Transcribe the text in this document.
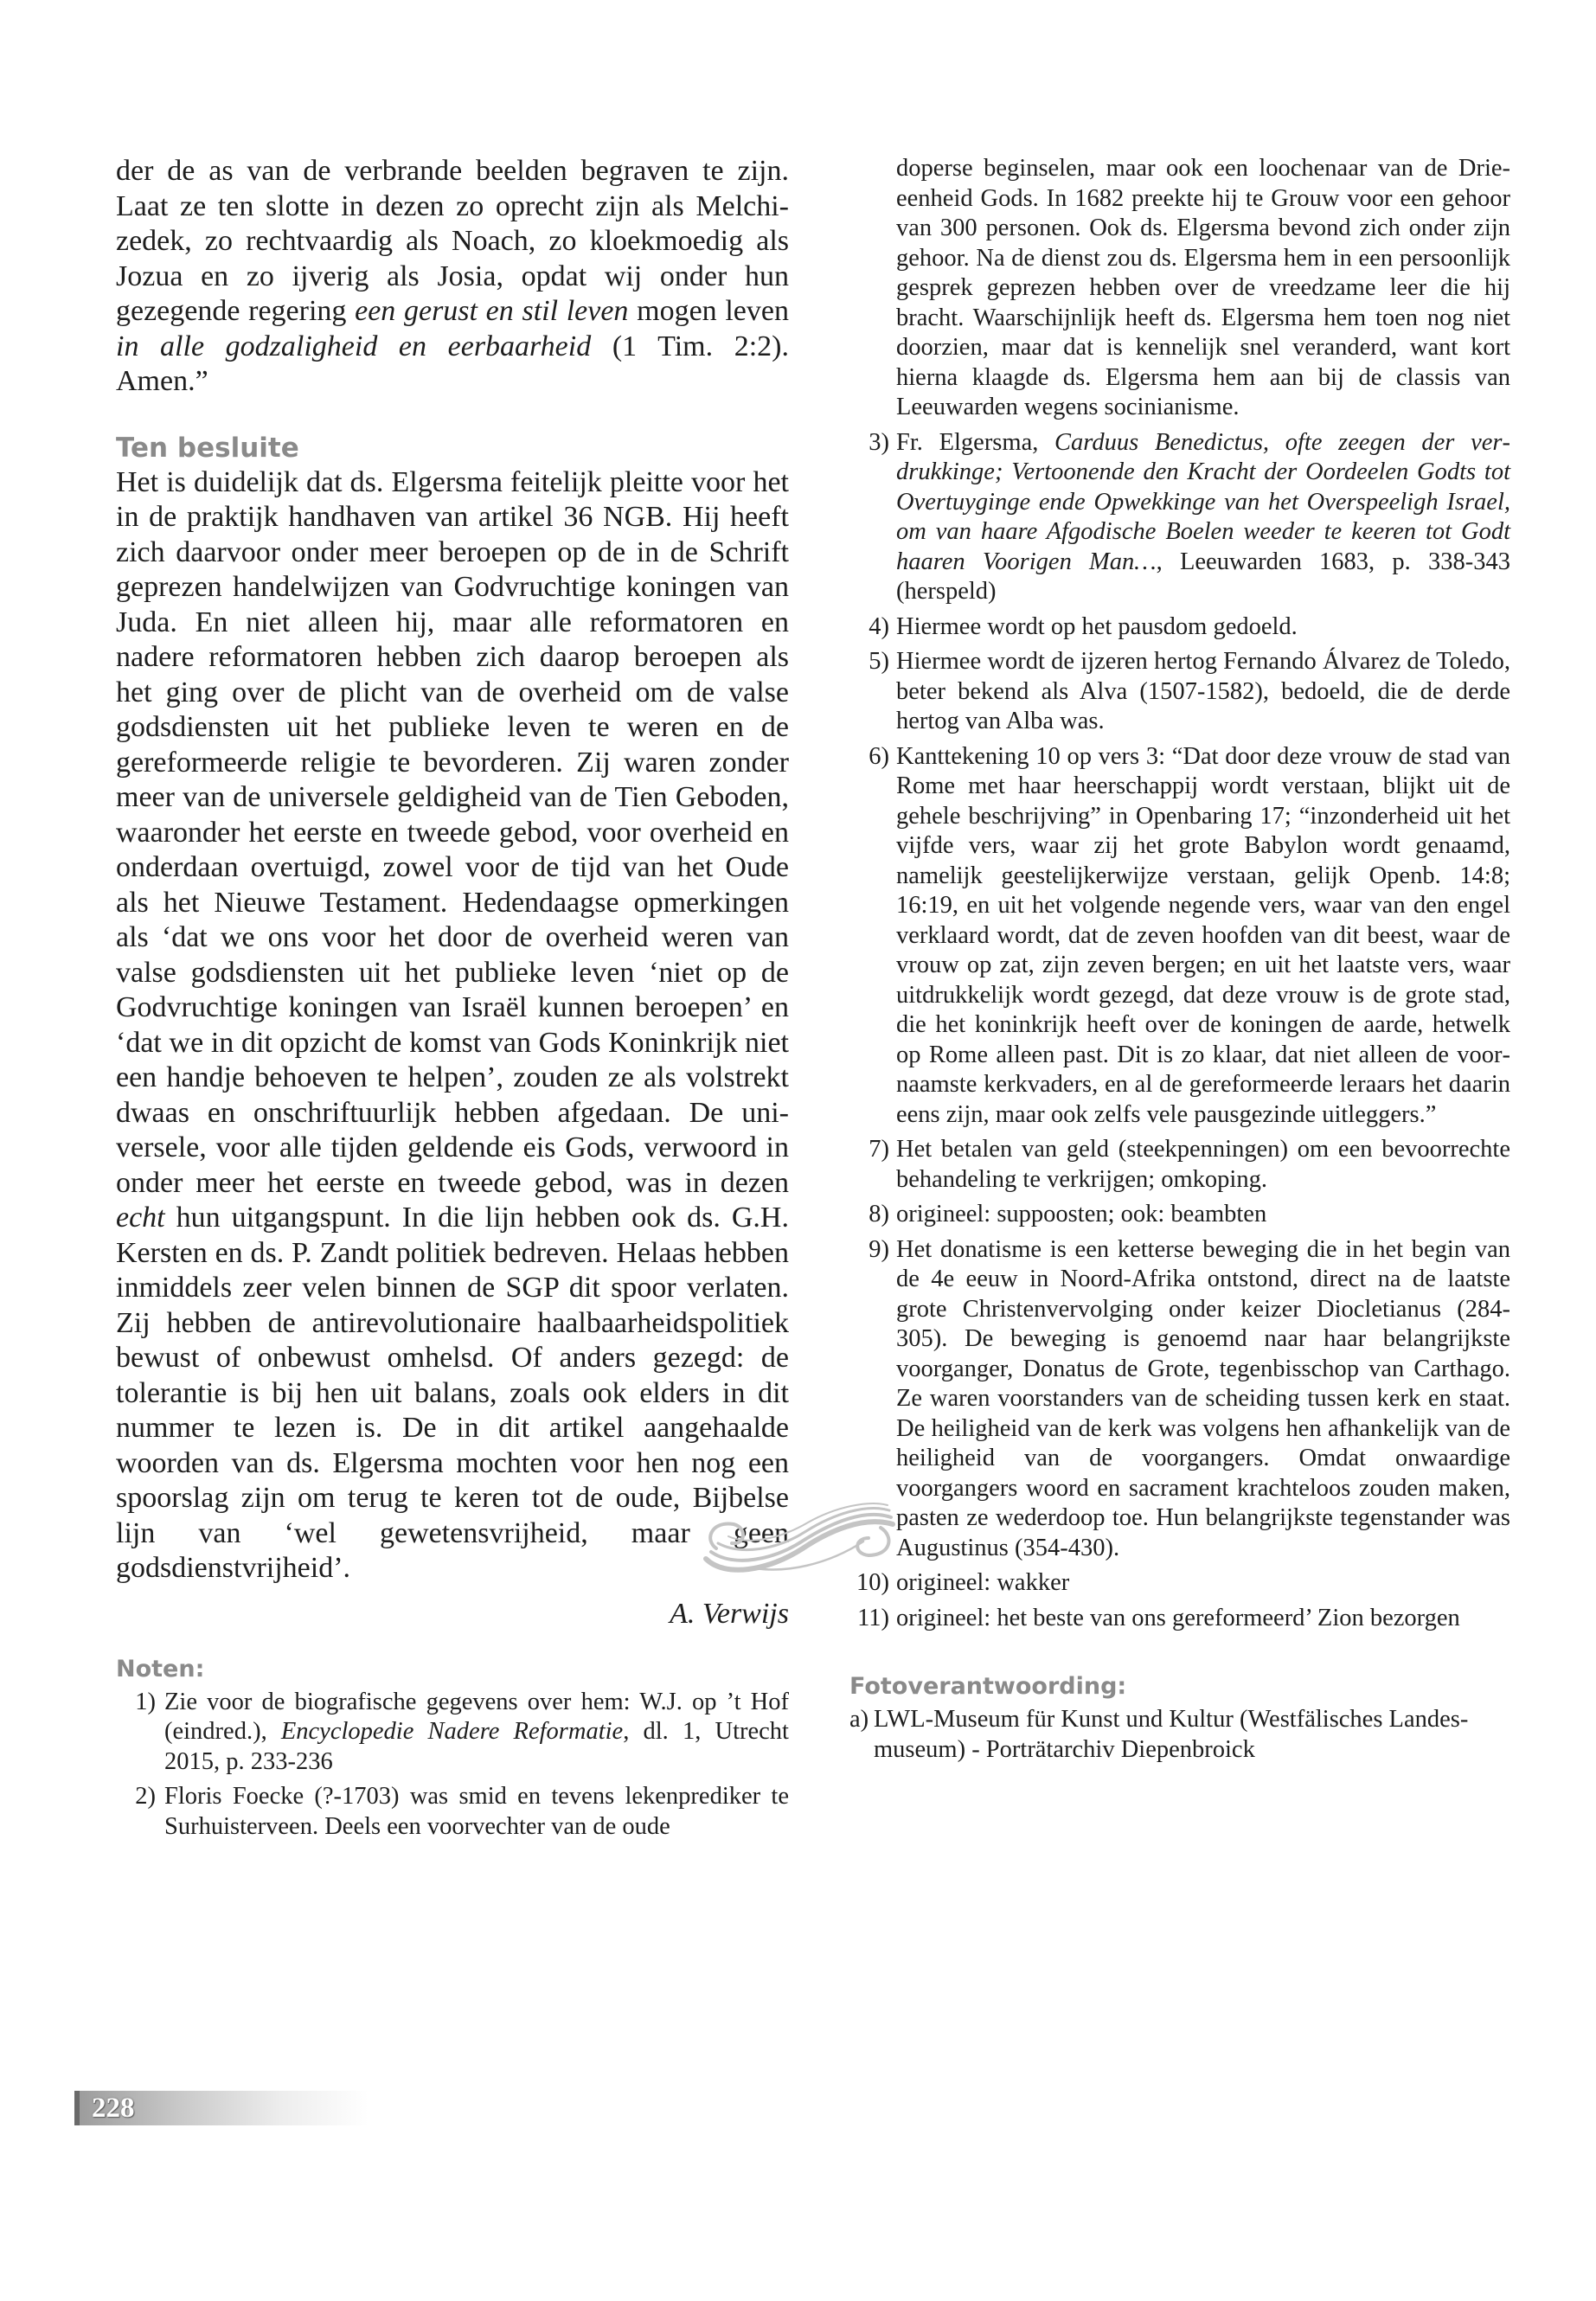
der de as van de verbrande beelden begraven te zijn. Laat ze ten slotte in dezen zo oprecht zijn als Melchizedek, zo rechtvaardig als Noach, zo kloekmoedig als Jozua en zo ijverig als Josia, opdat wij onder hun gezegende regering een gerust en stil leven mogen leven in alle godzaligheid en eerbaarheid (1 Tim. 2:2). Amen.”

Ten besluite

Het is duidelijk dat ds. Elgersma feitelijk pleitte voor het in de praktijk handhaven van artikel 36 NGB. Hij heeft zich daarvoor onder meer beroepen op de in de Schrift geprezen handelwijzen van Godvruchtige koningen van Juda. En niet alleen hij, maar alle reformatoren en nadere reformatoren hebben zich daarop beroepen als het ging over de plicht van de overheid om de valse godsdiensten uit het publieke leven te weren en de gereformeerde religie te bevorderen. Zij waren zonder meer van de universele geldigheid van de Tien Geboden, waaronder het eerste en tweede gebod, voor overheid en onderdaan overtuigd, zowel voor de tijd van het Oude als het Nieuwe Testament. Hedendaagse opmerkingen als ‘dat we ons voor het door de overheid weren van valse godsdiensten uit het publieke leven ‘niet op de Godvruchtige koningen van Israël kunnen beroepen’ en ‘dat we in dit opzicht de komst van Gods Koninkrijk niet een handje behoeven te helpen’, zouden ze als volstrekt dwaas en onschriftuurlijk hebben afgedaan. De universele, voor alle tijden geldende eis Gods, verwoord in onder meer het eerste en tweede gebod, was in dezen echt hun uitgangspunt. In die lijn hebben ook ds. G.H. Kersten en ds. P. Zandt politiek bedreven. Helaas hebben inmiddels zeer velen binnen de SGP dit spoor verlaten. Zij hebben de antirevolutionaire haalbaarheidspolitiek bewust of onbewust omhelsd. Of anders gezegd: de tolerantie is bij hen uit balans, zoals ook elders in dit nummer te lezen is. De in dit artikel aangehaalde woorden van ds. Elgersma mochten voor hen nog een spoorslag zijn om terug te keren tot de oude, Bijbelse lijn van ‘wel gewetensvrijheid, maar geen godsdienstvrijheid’.

A. Verwijs
Noten:
1) Zie voor de biografische gegevens over hem: W.J. op ’t Hof (eindred.), Encyclopedie Nadere Reformatie, dl. 1, Utrecht 2015, p. 233-236
2) Floris Foecke (?-1703) was smid en tevens lekenprediker te Surhuisterveen. Deels een voorvechter van de oude
doperse beginselen, maar ook een loochenaar van de Drie-eenheid Gods. In 1682 preekte hij te Grouw voor een gehoor van 300 personen. Ook ds. Elgersma bevond zich onder zijn gehoor. Na de dienst zou ds. Elgersma hem in een persoonlijk gesprek geprezen hebben over de vreedzame leer die hij bracht. Waarschijnlijk heeft ds. Elgersma hem toen nog niet doorzien, maar dat is kennelijk snel veranderd, want kort hierna klaagde ds. Elgersma hem aan bij de classis van Leeuwarden wegens socinianisme.
3) Fr. Elgersma, Carduus Benedictus, ofte zeegen der verdrukkinge; Vertoonende den Kracht der Oordeelen Godts tot Overtuyginge ende Opwekkinge van het Overspeeligh Israel, om van haare Afgodische Boelen weeder te keeren tot Godt haaren Voorigen Man…, Leeuwarden 1683, p. 338-343 (herspeld)
4) Hiermee wordt op het pausdom gedoeld.
5) Hiermee wordt de ijzeren hertog Fernando Álvarez de Toledo, beter bekend als Alva (1507-1582), bedoeld, die de derde hertog van Alba was.
6) Kanttekening 10 op vers 3: “Dat door deze vrouw de stad van Rome met haar heerschappij wordt verstaan, blijkt uit de gehele beschrijving” in Openbaring 17; “inzonderheid uit het vijfde vers, waar zij het grote Babylon wordt genaamd, namelijk geestelijkerwijze verstaan, gelijk Openb. 14:8; 16:19, en uit het volgende negende vers, waar van den engel verklaard wordt, dat de zeven hoofden van dit beest, waar de vrouw op zat, zijn zeven bergen; en uit het laatste vers, waar uitdrukkelijk wordt gezegd, dat deze vrouw is de grote stad, die het koninkrijk heeft over de koningen de aarde, hetwelk op Rome alleen past. Dit is zo klaar, dat niet alleen de voornaamste kerkvaders, en al de gereformeerde leraars het daarin eens zijn, maar ook zelfs vele pausgezinde uitleggers.”
7) Het betalen van geld (steekpenningen) om een bevoorrechte behandeling te verkrijgen; omkoping.
8) origineel: suppoosten; ook: beambten
9) Het donatisme is een ketterse beweging die in het begin van de 4e eeuw in Noord-Afrika ontstond, direct na de laatste grote Christenvervolging onder keizer Diocletianus (284-305). De beweging is genoemd naar haar belangrijkste voorganger, Donatus de Grote, tegenbisschop van Carthago. Ze waren voorstanders van de scheiding tussen kerk en staat. De heiligheid van de kerk was volgens hen afhankelijk van de heiligheid van de voorgangers. Omdat onwaardige voorgangers woord en sacrament krachteloos zouden maken, pasten ze wederdoop toe. Hun belangrijkste tegenstander was Augustinus (354-430).
10) origineel: wakker
11) origineel: het beste van ons gereformeerd’ Zion bezorgen
Fotoverantwoording:
a) LWL-Museum für Kunst und Kultur (Westfälisches Landesmuseum) - Porträtarchiv Diepenbroick
228
